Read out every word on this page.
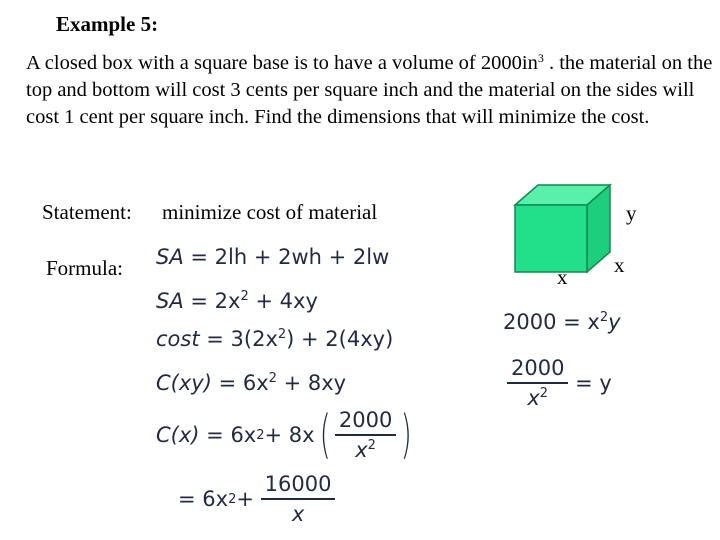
Example 5:
A closed box with a square base is to have a volume of $2000in^3$ . the material on the top and bottom will cost 3 cents per square inch and the material on the sides will cost 1 cent per square inch. Find the dimensions that will minimize the cost.
Statement: minimize cost of material
Formula:
y
x x
SA = 2lh + 2wh + 2lw
SA = $2x^2 + 4xy$
$\cos t = 3(2x^2) + 2(4xy)$
$C(xy) = 6x^2 + 8xy$
C(x)
= 6x 2 + 8x ( $\frac{2000}{x^2}$ )
= 6x 2 +
$\frac{16000}{x}$
$2000 = x^2y$
$\frac{2000}{x^2}$
= y
